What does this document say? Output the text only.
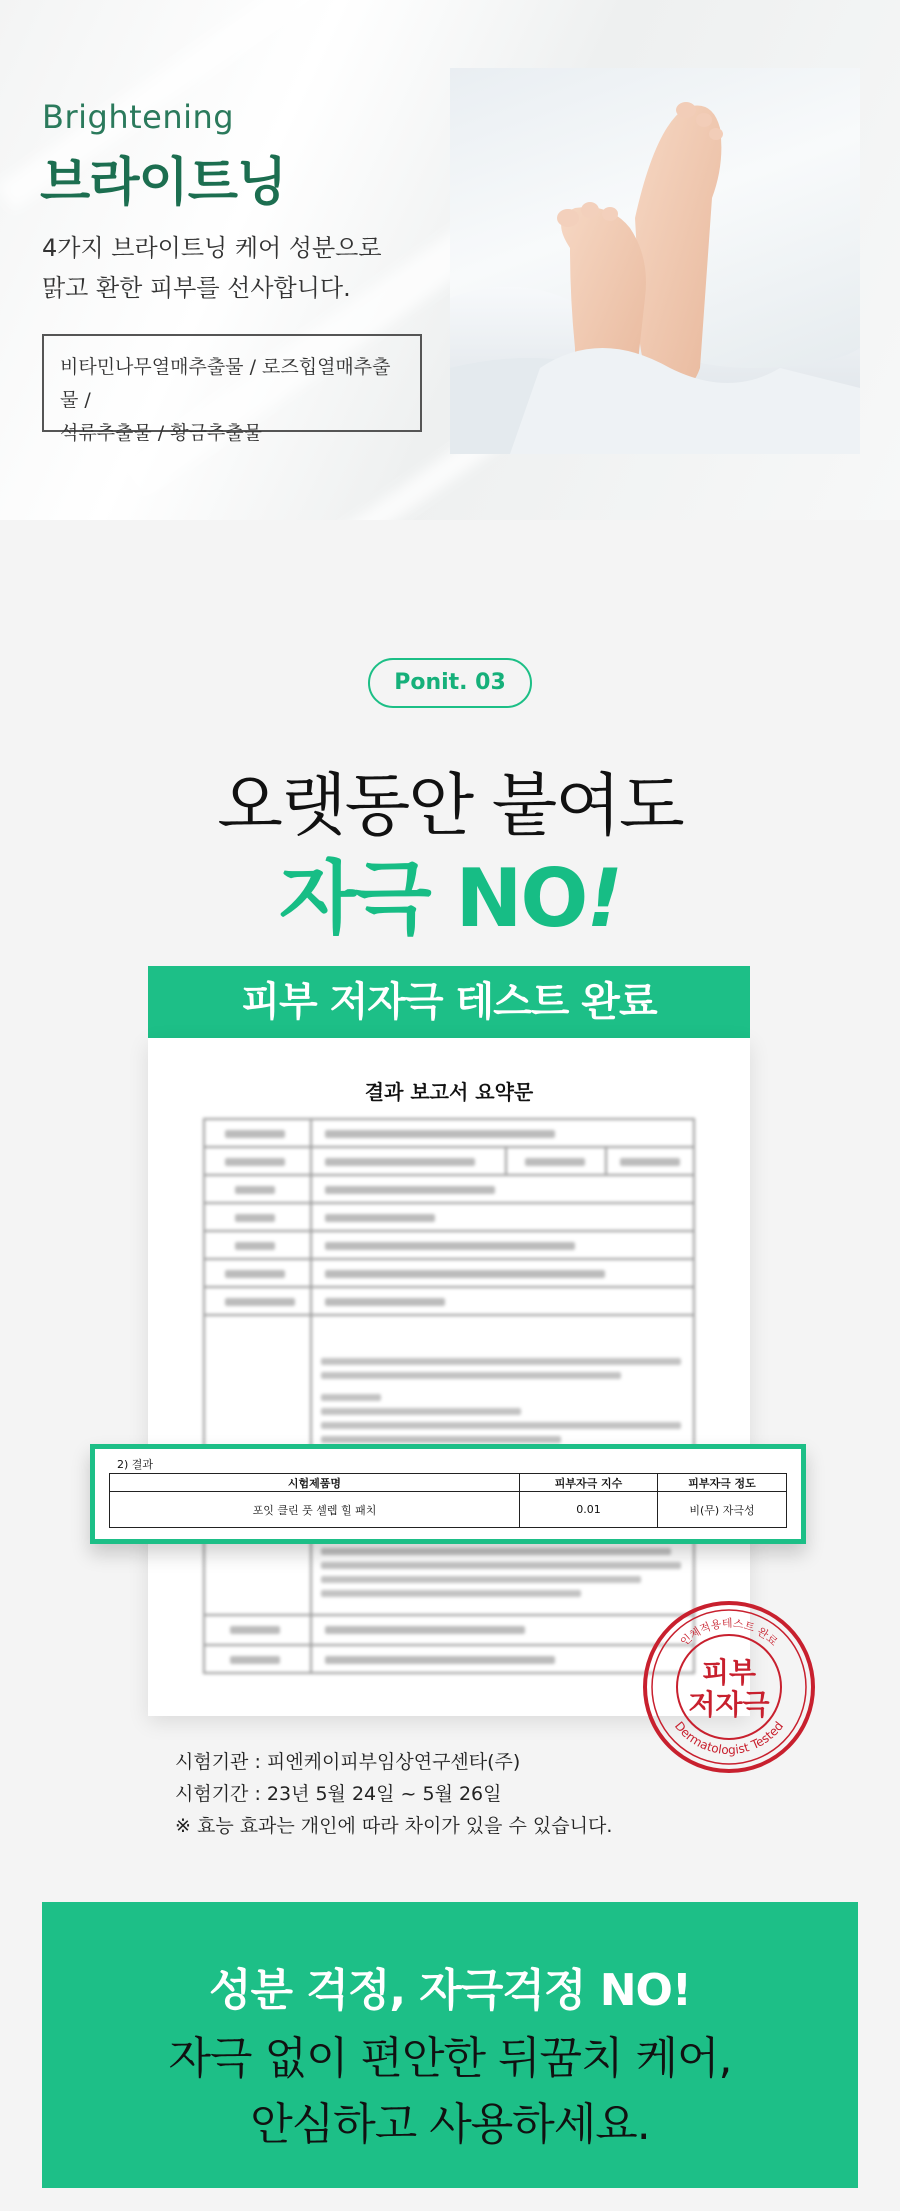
Brightening
브라이트닝
4가지 브라이트닝 케어 성분으로
맑고 환한 피부를 선사합니다.
비타민나무열매추출물 / 로즈힙열매추출물 /
석류추출물 / 황금추출물
Ponit. 03
오랫동안 붙여도
자극 NO!
피부 저자극 테스트 완료
결과 보고서 요약문
2) 결과
시험제품명	피부자극 지수	피부자극 정도
포잇 클린 풋 셀렙 힐 패치	0.01	비(무) 자극성
인체적용테스트 완료
Dermatologist Tested
피부
저자극
시험기관 : 피엔케이피부임상연구센타(주)
시험기간 : 23년 5월 24일 ~ 5월 26일
※ 효능 효과는 개인에 따라 차이가 있을 수 있습니다.
성분 걱정, 자극걱정 NO!
자극 없이 편안한 뒤꿈치 케어,
안심하고 사용하세요.
